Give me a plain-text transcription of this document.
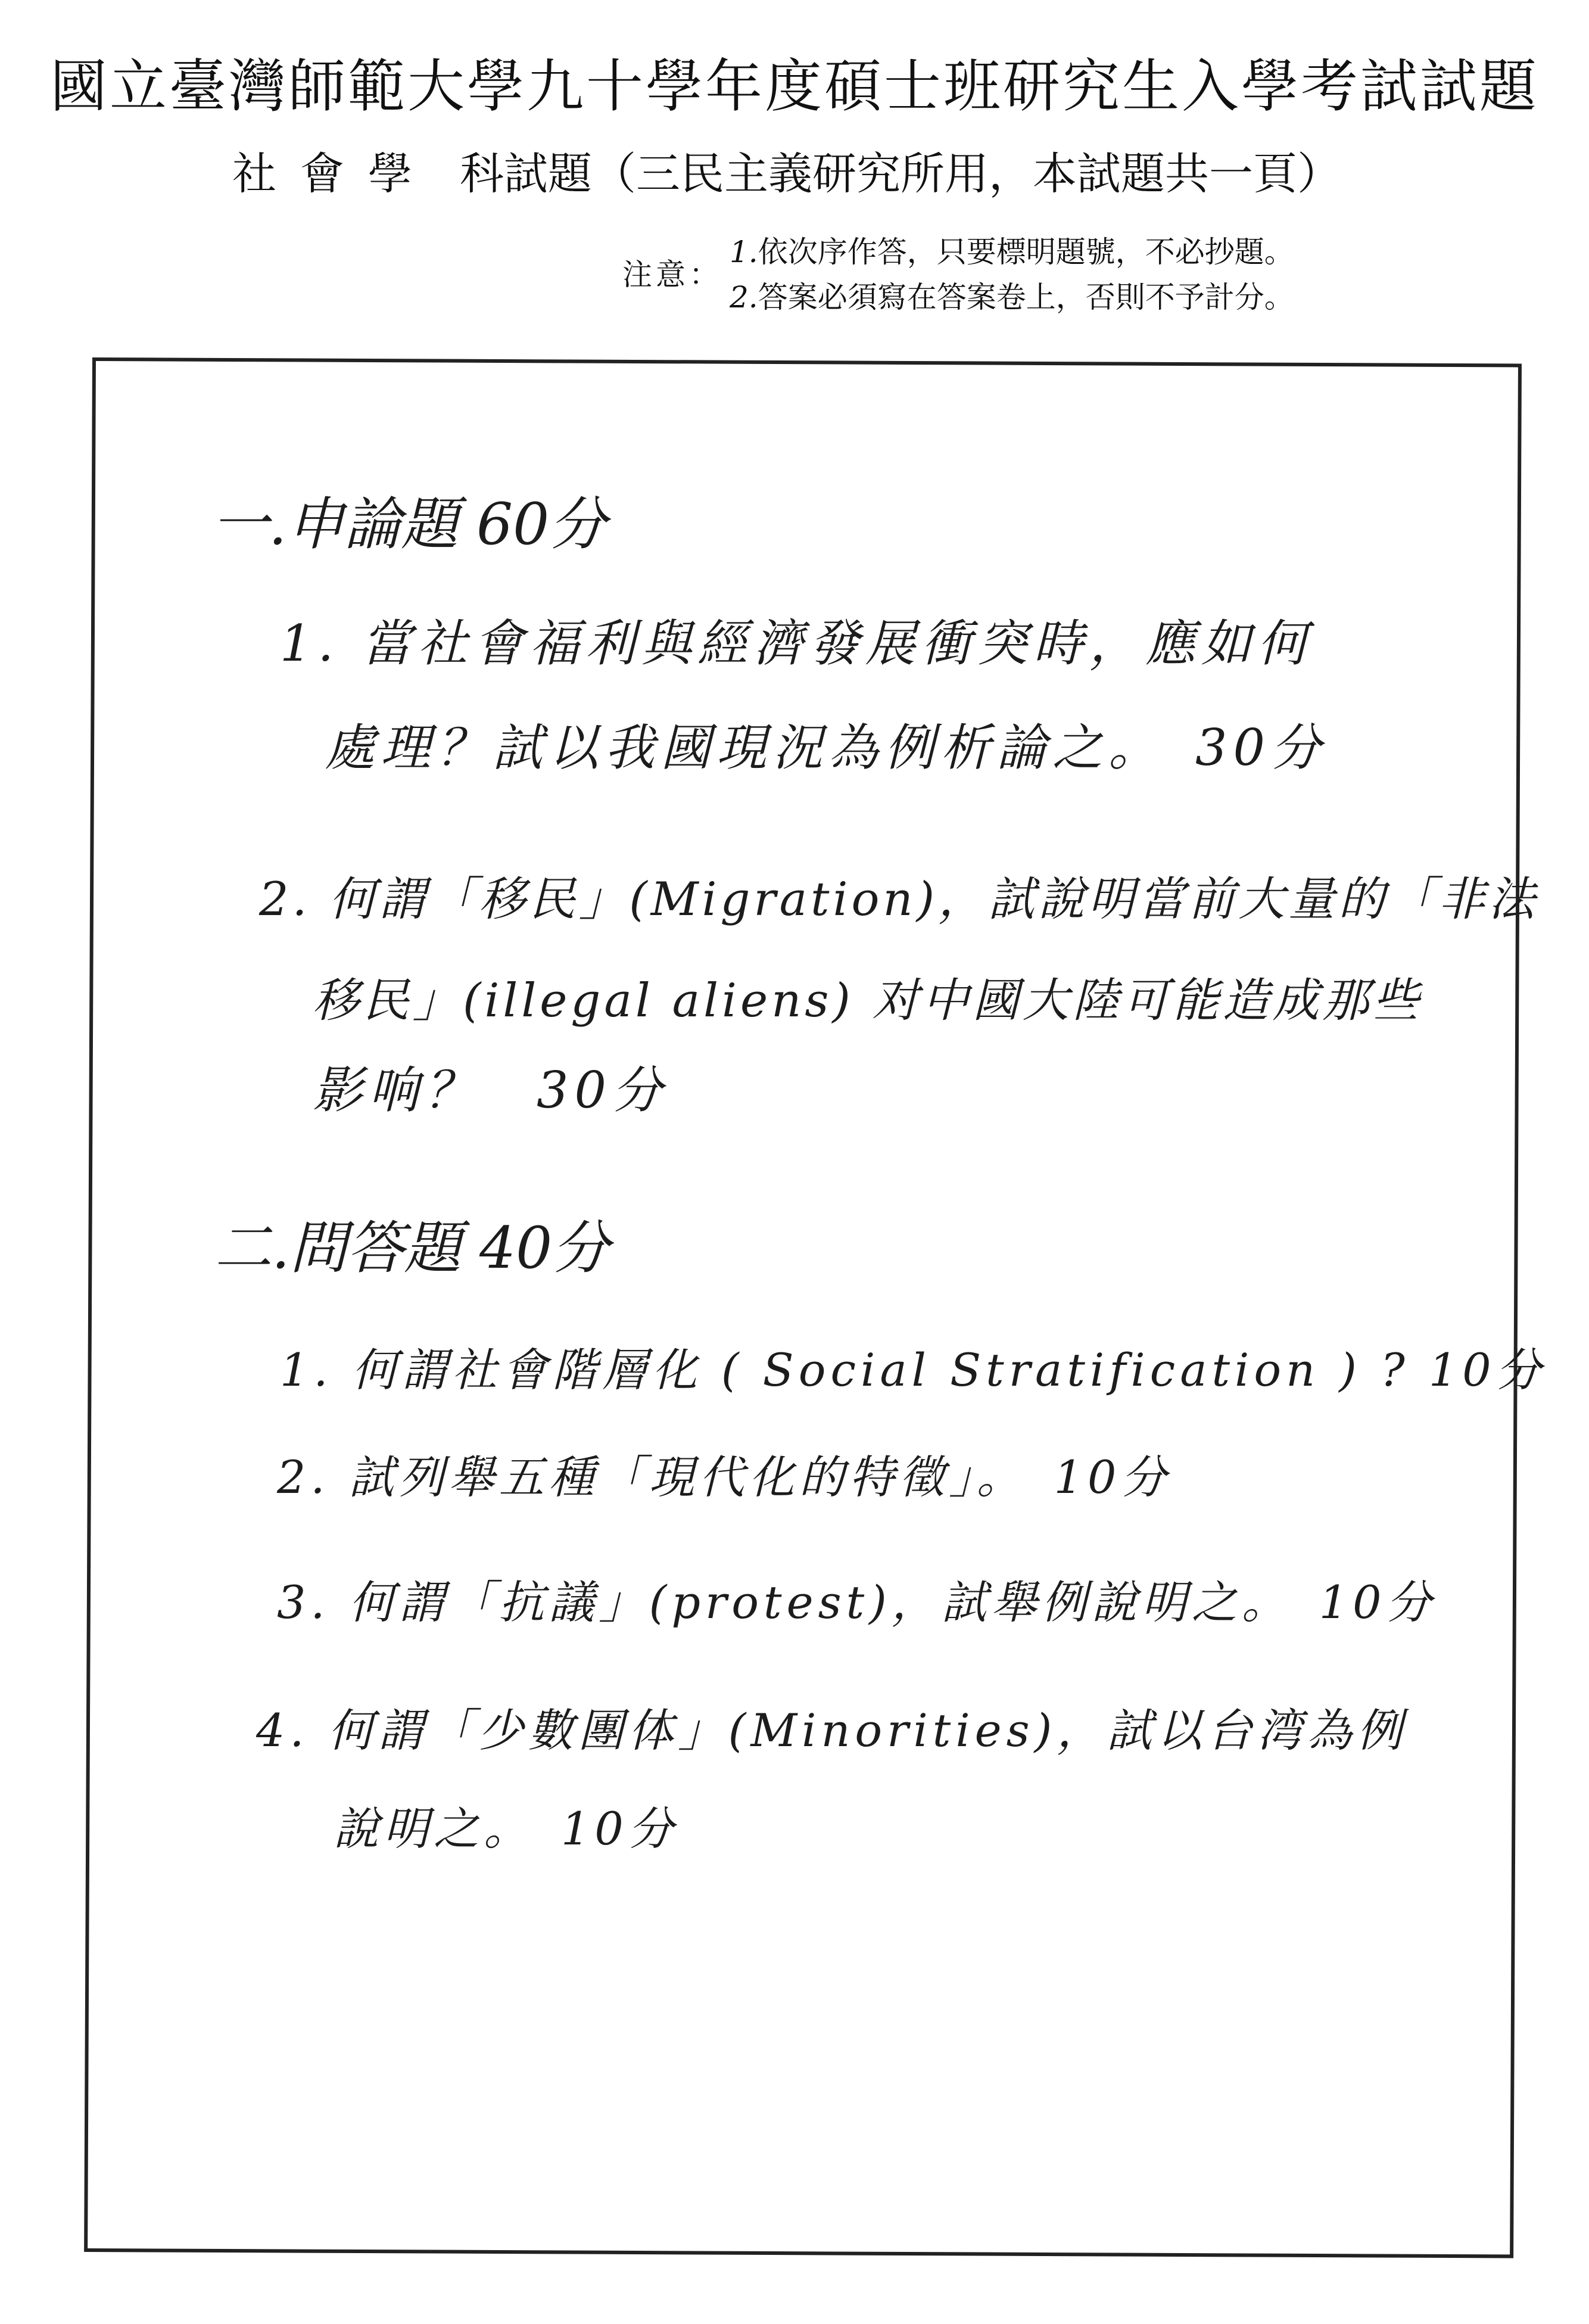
國立臺灣師範大學九十學年度碩士班研究生入學考試試題
社會學 科試題（三民主義研究所用，本試題共一頁）
注意：
1.依次序作答，只要標明題號，不必抄題。
2.答案必須寫在答案卷上，否則不予計分。
一.申論題 60分
1. 當社會福利與經濟發展衝突時，應如何
處理？試以我國現況為例析論之。　30分
2. 何謂「移民」(Migration)，試說明當前大量的「非法
移民」(illegal aliens) 对中國大陸可能造成那些
影响？　30分
二.問答題 40分
1. 何謂社會階層化 ( Social Stratification ) ? 10分
2. 試列舉五種「現代化的特徵」。　10分
3. 何謂「抗議」(protest)，試舉例說明之。　10分
4. 何謂「少數團体」(Minorities)，試以台湾為例
說明之。　10分
